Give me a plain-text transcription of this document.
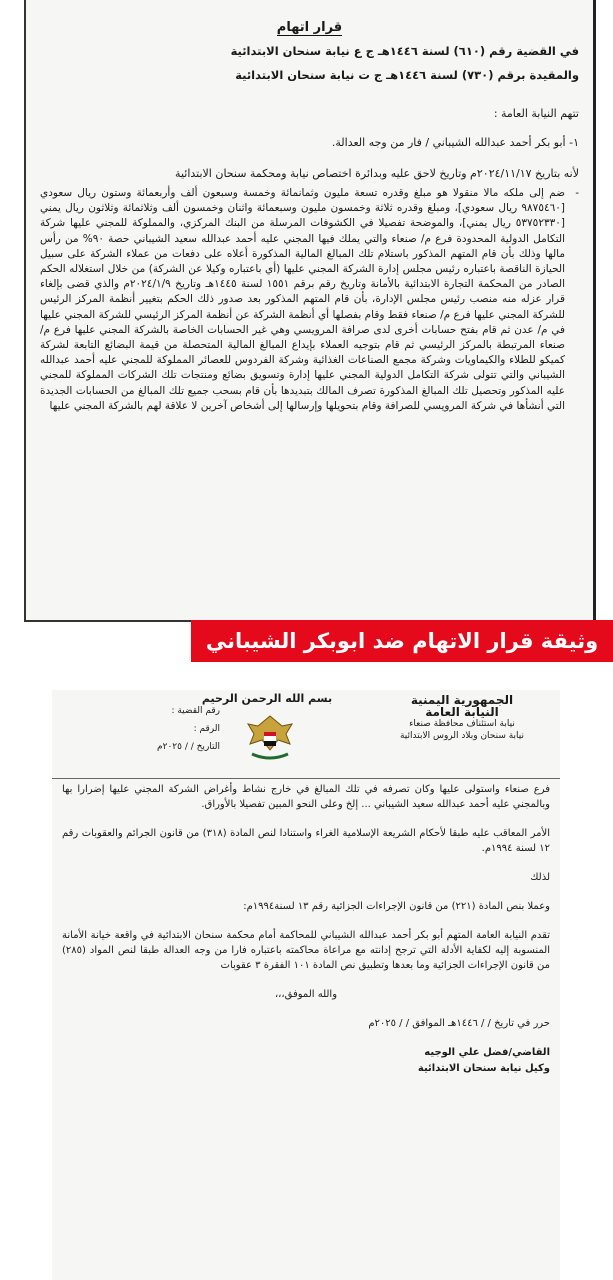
قرار اتهام
في القضية رقم (٦١٠) لسنة ١٤٤٦هـ ج ع نيابة سنحان الابتدائية
والمقيدة برقم (٧٣٠) لسنة ١٤٤٦هـ ج ت نيابة سنحان الابتدائية
تتهم النيابة العامة :
١- أبو بكر أحمد عبدالله الشيباني / فار من وجه العدالة.
لأنه بتاريخ ٢٠٢٤/١١/١٧م وتاريخ لاحق عليه وبدائرة اختصاص نيابة ومحكمة سنحان الابتدائية
- ضم إلى ملكه مالا منقولا هو مبلغ وقدره تسعة مليون وثمانمائة وخمسة وسبعون ألف وأربعمائة وستون ريال سعودي [٩٨٧٥٤٦٠ ريال سعودي]، ومبلغ وقدره ثلاثة وخمسون مليون وسبعمائة واثنان وخمسون ألف وثلاثمائة وثلاثون ريال يمني [٥٣٧٥٢٣٣٠ ريال يمني]، والموضحة تفصيلا في الكشوفات المرسلة من البنك المركزي، والمملوكة للمجني عليها شركة التكامل الدولية المحدودة فرع م/ صنعاء والتي يملك فيها المجني عليه أحمد عبدالله سعيد الشيباني حصة ٩٠% من رأس مالها وذلك بأن قام المتهم المذكور باستلام تلك المبالغ المالية المذكورة أعلاه على دفعات من عملاء الشركة على سبيل الحيازة الناقصة باعتباره رئيس مجلس إدارة الشركة المجني عليها (أي باعتباره وكيلا عن الشركة) من خلال استغلاله الحكم الصادر من المحكمة التجارة الابتدائية بالأمانة وتاريخ رقم برقم ١٥٥١ لسنة ١٤٤٥هـ وتاريخ ٢٠٢٤/١/٩م والذي قضى بإلغاء قرار عزله منه منصب رئيس مجلس الإدارة، بأن قام المتهم المذكور بعد صدور ذلك الحكم بتغيير أنظمة المركز الرئيس للشركة المجني عليها فرع م/ صنعاء فقط وقام بفصلها أي أنظمة الشركة عن أنظمة المركز الرئيسي للشركة المجني عليها في م/ عدن ثم قام بفتح حسابات أخرى لدى صرافة المرويسي وهي غير الحسابات الخاصة بالشركة المجني عليها فرع م/ صنعاء المرتبطة بالمركز الرئيسي ثم قام بتوجيه العملاء بإيداع المبالغ المالية المتحصلة من قيمة البضائع التابعة لشركة كميكو للطلاء والكيماويات وشركة مجمع الصناعات الغذائية وشركة الفردوس للعصائر المملوكة للمجني عليه أحمد عبدالله الشيباني والتي تتولى شركة التكامل الدولية المجني عليها إدارة وتسويق بضائع ومنتجات تلك الشركات المملوكة للمجني عليه المذكور وتحصيل تلك المبالغ المذكورة تصرف المالك بتبديدها بأن قام بسحب جميع تلك المبالغ من الحسابات الجديدة التي أنشأها في شركة المرويسي للصرافة وقام بتحويلها وإرسالها إلى أشخاص آخرين لا علاقة لهم بالشركة المجني عليها
وثيقة قرار الاتهام ضد ابوبكر الشيباني
الجمهورية اليمنية
النيابة العامة
نيابة استئناف محافظة صنعاء
نيابة سنحان وبلاد الروس الابتدائية
بسم الله الرحمن الرحيم
رقم القضية :
الرقم :
التاريخ / / ٢٠٢٥م
فرع صنعاء واستولى عليها وكان تصرفه في تلك المبالغ في خارج نشاط وأغراض الشركة المجني عليها إضرارا بها وبالمجني عليه أحمد عبدالله سعيد الشيباني ... إلخ وعلى النحو المبين تفصيلا بالأوراق.
الأمر المعاقب عليه طبقا لأحكام الشريعة الإسلامية الغراء واستنادا لنص المادة (٣١٨) من قانون الجرائم والعقوبات رقم ١٢ لسنة ١٩٩٤م.
لذلك
وعملا بنص المادة (٢٢١) من قانون الإجراءات الجزائية رقم ١٣ لسنة١٩٩٤م:
تقدم النيابة العامة المتهم أبو بكر أحمد عبدالله الشيباني للمحاكمة أمام محكمة سنحان الابتدائية في واقعة خيانة الأمانة المنسوبة إليه لكفاية الأدلة التي ترجح إدانته مع مراعاة محاكمته باعتباره فارا من وجه العدالة طبقا لنص المواد (٢٨٥) من قانون الإجراءات الجزائية وما بعدها وتطبيق نص المادة ١٠١ الفقرة ٣ عقوبات
والله الموفق،،،
حرر في تاريخ / / ١٤٤٦هـ الموافق / / ٢٠٢٥م
القاضي/فضل علي الوجيه
وكيل نيابة سنحان الابتدائية
